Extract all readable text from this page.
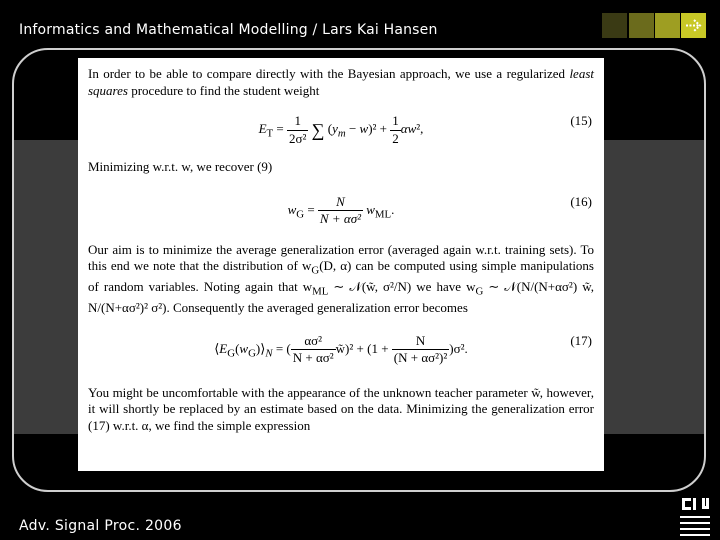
Informatics and Mathematical Modelling / Lars Kai Hansen

In order to be able to compare directly with the Bayesian approach, we use a regularized least squares procedure to find the student weight

$E_T = \frac{1}{\text{2σ²}}$ ∑ $(y_m - w)^2 + \frac{1}{2} \alpha w^2$,
(15)

Minimizing w.r.t. w, we recover (9)

$w_G = \frac{N}{\text{N + ασ²}} w_{ML}$.
(16)

Our aim is to minimize the average generalization error (averaged again w.r.t. training sets). To this end we note that the distribution of $w_G(D$, α) can be computed using simple manipulations of random variables. Noting again that $w_{ML}$ ∼ 𝒩(w̃, σ²/N) we have $w_G$ ∼ 𝒩(N/(N+ασ²) w̃, N/(N+ασ²)² σ²). Consequently the averaged generalization error becomes

$⟨E_G(w_G)⟩_N$ = ( $\frac{\text{ασ²}}{\text{N + ασ²}}$ w̃)² + $(1 + \frac{N}{\text{(N + ασ²)²}} )\sigma^2$.
(17)

You might be uncomfortable with the appearance of the unknown teacher parameter w̃, however, it will shortly be replaced by an estimate based on the data. Minimizing the generalization error (17) w.r.t. α, we find the simple expression

Adv. Signal Proc. 2006
